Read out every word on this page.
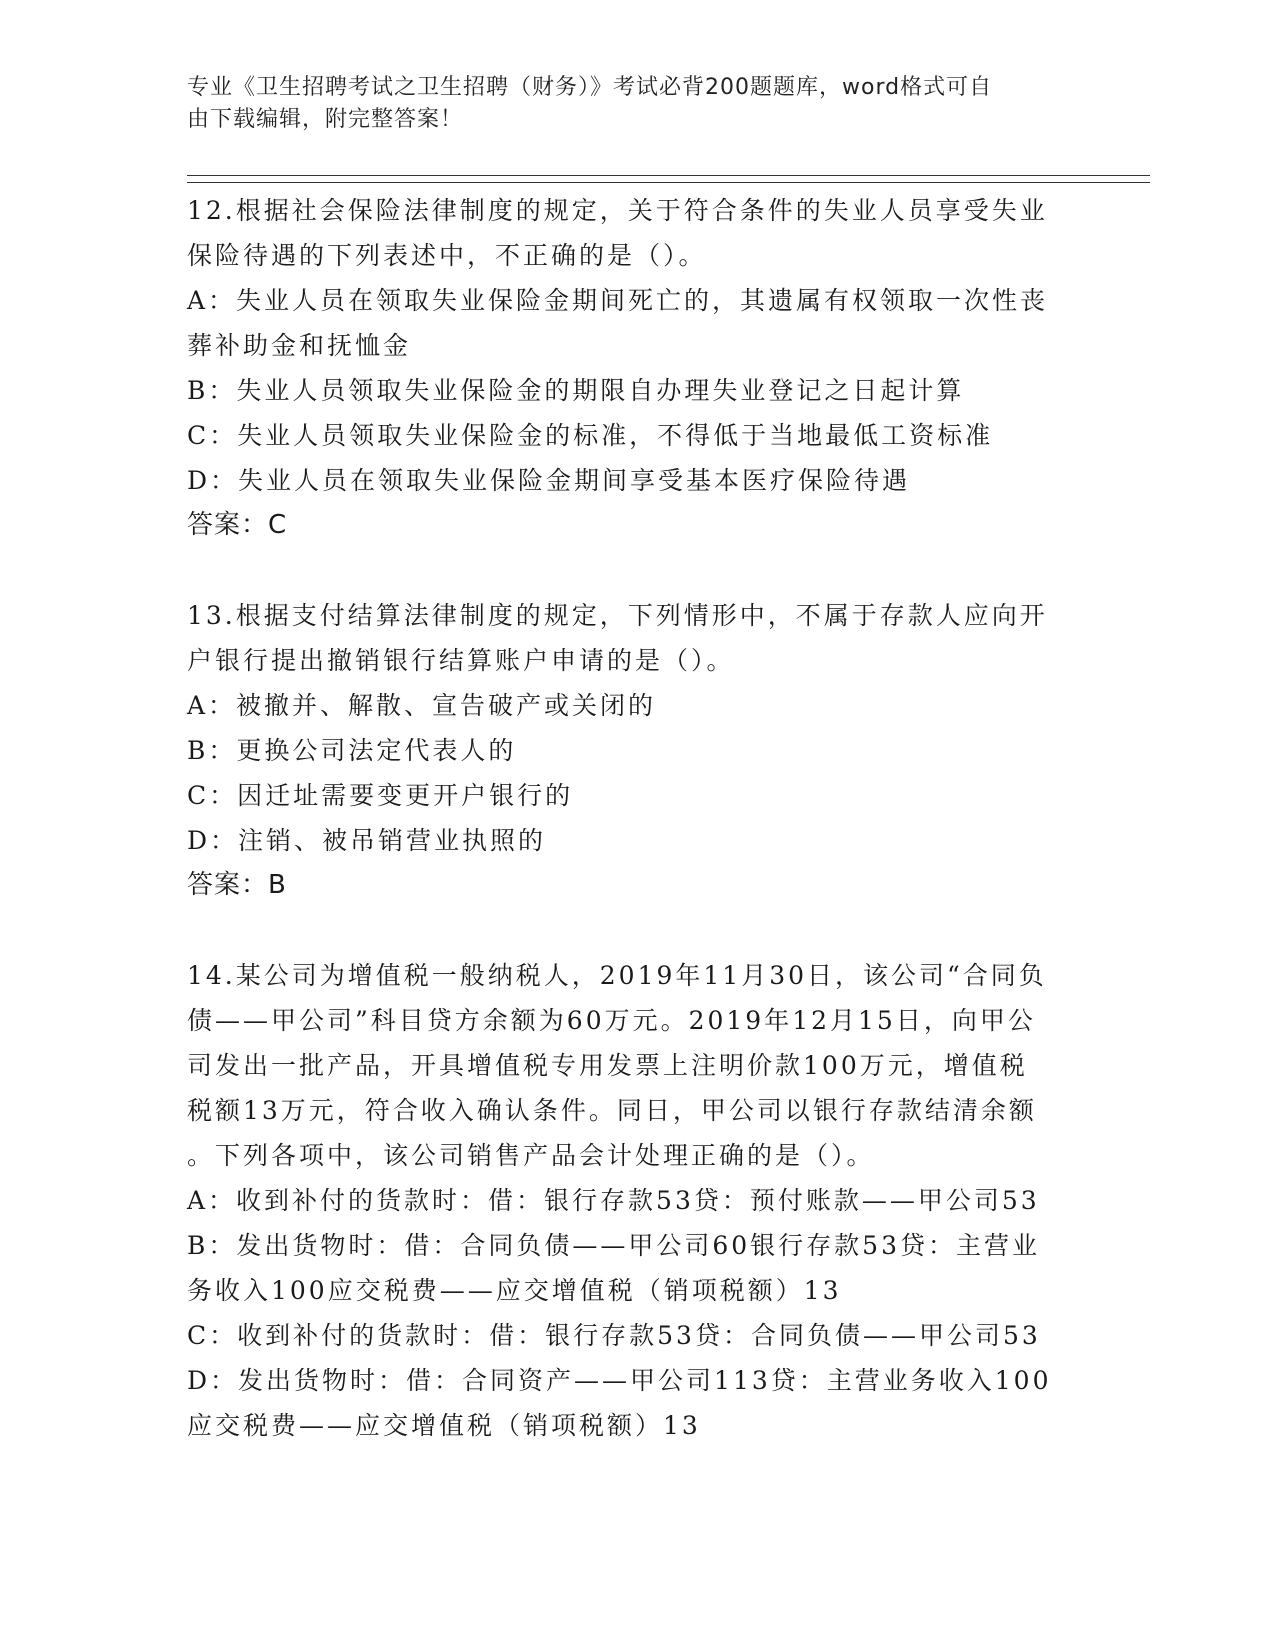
专业《卫生招聘考试之卫生招聘（财务）》考试必背200题题库，word格式可自
由下载编辑，附完整答案！
12.根据社会保险法律制度的规定，关于符合条件的失业人员享受失业
保险待遇的下列表述中，不正确的是（）。
A：失业人员在领取失业保险金期间死亡的，其遗属有权领取一次性丧
葬补助金和抚恤金
B：失业人员领取失业保险金的期限自办理失业登记之日起计算
C：失业人员领取失业保险金的标准，不得低于当地最低工资标准
D：失业人员在领取失业保险金期间享受基本医疗保险待遇
答案：C
13.根据支付结算法律制度的规定，下列情形中，不属于存款人应向开
户银行提出撤销银行结算账户申请的是（）。
A：被撤并、解散、宣告破产或关闭的
B：更换公司法定代表人的
C：因迁址需要变更开户银行的
D：注销、被吊销营业执照的
答案：B
14.某公司为增值税一般纳税人，2019年11月30日，该公司“合同负
债——甲公司”科目贷方余额为60万元。2019年12月15日，向甲公
司发出一批产品，开具增值税专用发票上注明价款100万元，增值税
税额13万元，符合收入确认条件。同日，甲公司以银行存款结清余额
。下列各项中，该公司销售产品会计处理正确的是（）。
A：收到补付的货款时：借：银行存款53贷：预付账款——甲公司53
B：发出货物时：借：合同负债——甲公司60银行存款53贷：主营业
务收入100应交税费——应交增值税（销项税额）13
C：收到补付的货款时：借：银行存款53贷：合同负债——甲公司53
D：发出货物时：借：合同资产——甲公司113贷：主营业务收入100
应交税费——应交增值税（销项税额）13
